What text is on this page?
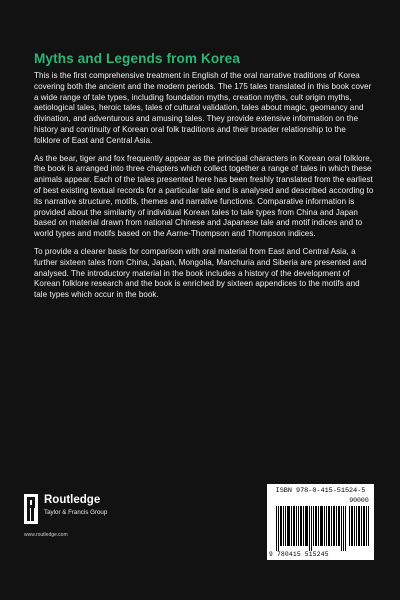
Myths and Legends from Korea

This is the first comprehensive treatment in English of the oral narrative traditions of Korea covering both the ancient and the modern periods. The 175 tales translated in this book cover a wide range of tale types, including foundation myths, creation myths, cult origin myths, aetiological tales, heroic tales, tales of cultural validation, tales about magic, geomancy and divination, and adventurous and amusing tales. They provide extensive information on the history and continuity of Korean oral folk traditions and their broader relationship to the folklore of East and Central Asia.

As the bear, tiger and fox frequently appear as the principal characters in Korean oral folklore, the book is arranged into three chapters which collect together a range of tales in which these animals appear. Each of the tales presented here has been freshly translated from the earliest of best existing textual records for a particular tale and is analysed and described according to its narrative structure, motifs, themes and narrative functions. Comparative information is provided about the similarity of individual Korean tales to tale types from China and Japan based on material drawn from national Chinese and Japanese tale and motif indices and to world types and motifs based on the Aarne-Thompson and Thompson indices.

To provide a clearer basis for comparison with oral material from East and Central Asia, a further sixteen tales from China, Japan, Mongolia, Manchuria and Siberia are presented and analysed. The introductory material in the book includes a history of the development of Korean folklore research and the book is enriched by sixteen appendices to the motifs and tale types which occur in the book.

Routledge
Taylor & Francis Group
www.routledge.com
ISBN 978-0-415-51524-5
90000
9 780415 515245
